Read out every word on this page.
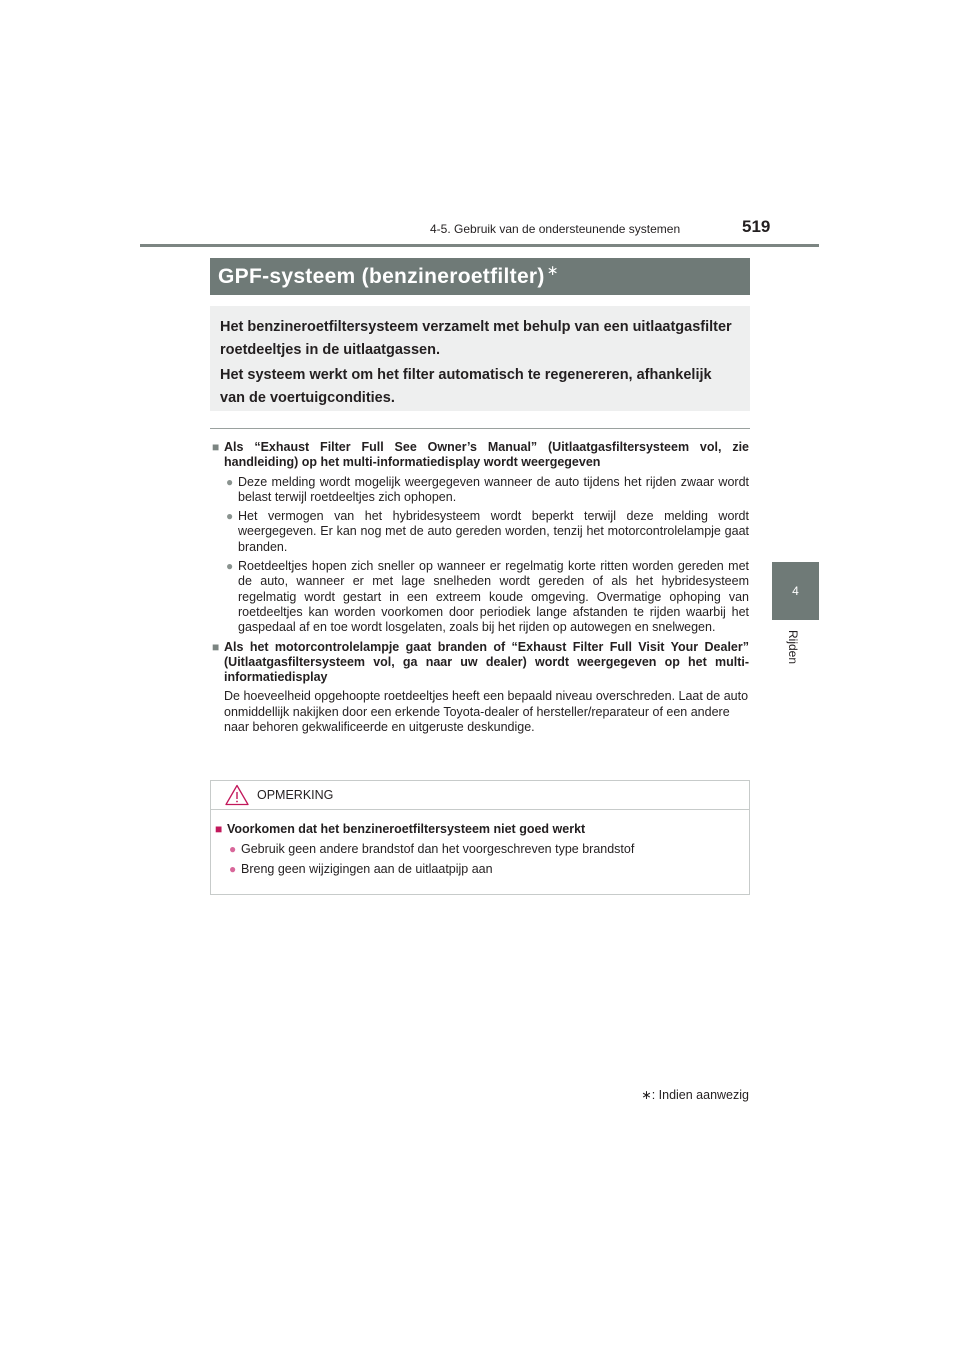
4-5. Gebruik van de ondersteunende systemen	519
4
Rijden
GPF-systeem (benzineroetfilter) ∗

Het benzineroetfiltersysteem verzamelt met behulp van een uitlaatgasfilter roetdeeltjes in de uitlaatgassen.

Het systeem werkt om het filter automatisch te regenereren, afhankelijk van de voertuigcondities.

■ Als “Exhaust Filter Full See Owner’s Manual” (Uitlaatgasfiltersysteem vol, zie handleiding) op het multi-informatiedisplay wordt weergegeven
● Deze melding wordt mogelijk weergegeven wanneer de auto tijdens het rijden zwaar wordt belast terwijl roetdeeltjes zich ophopen.
● Het vermogen van het hybridesysteem wordt beperkt terwijl deze melding wordt weergegeven. Er kan nog met de auto gereden worden, tenzij het motorcontrolelampje gaat branden.
● Roetdeeltjes hopen zich sneller op wanneer er regelmatig korte ritten worden gereden met de auto, wanneer er met lage snelheden wordt gereden of als het hybridesysteem regelmatig wordt gestart in een extreem koude omgeving. Overmatige ophoping van roetdeeltjes kan worden voorkomen door periodiek lange afstanden te rijden waarbij het gaspedaal af en toe wordt losgelaten, zoals bij het rijden op autowegen en snelwegen.
■ Als het motorcontrolelampje gaat branden of “Exhaust Filter Full Visit Your Dealer” (Uitlaatgasfiltersysteem vol, ga naar uw dealer) wordt weergegeven op het multi-informatiedisplay
De hoeveelheid opgehoopte roetdeeltjes heeft een bepaald niveau overschreden. Laat de auto onmiddellijk nakijken door een erkende Toyota-dealer of hersteller/reparateur of een andere naar behoren gekwalificeerde en uitgeruste deskundige.
OPMERKING
■ Voorkomen dat het benzineroetfiltersysteem niet goed werkt
● Gebruik geen andere brandstof dan het voorgeschreven type brandstof
● Breng geen wijzigingen aan de uitlaatpijp aan
∗: Indien aanwezig
